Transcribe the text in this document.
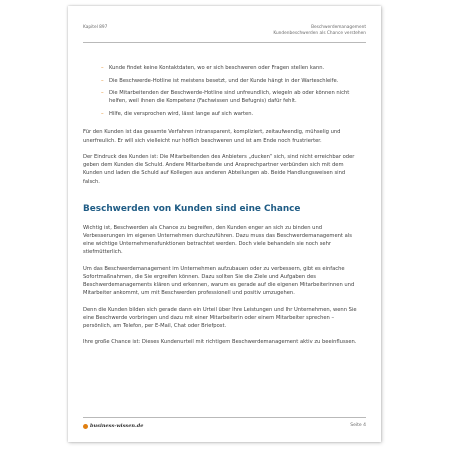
Kapitel 897	Beschwerdemanagement
Kundenbeschwerden als Chance verstehen
– Kunde findet keine Kontaktdaten, wo er sich beschweren oder Fragen stellen kann.
– Die Beschwerde-Hotline ist meistens besetzt, und der Kunde hängt in der Warteschleife.
– Die Mitarbeitenden der Beschwerde-Hotline sind unfreundlich, wiegeln ab oder können nicht helfen, weil ihnen die Kompetenz (Fachwissen und Befugnis) dafür fehlt.
– Hilfe, die versprochen wird, lässt lange auf sich warten.

Für den Kunden ist das gesamte Verfahren intransparent, kompliziert, zeitaufwendig, mühselig und unerfreulich. Er will sich vielleicht nur höflich beschweren und ist am Ende noch frustrierter.

Der Eindruck des Kunden ist: Die Mitarbeitenden des Anbieters „ducken“ sich, sind nicht erreichbar oder geben dem Kunden die Schuld. Andere Mitarbeitende und Ansprechpartner verbünden sich mit dem Kunden und laden die Schuld auf Kollegen aus anderen Abteilungen ab. Beide Handlungsweisen sind falsch.

Beschwerden von Kunden sind eine Chance

Wichtig ist, Beschwerden als Chance zu begreifen, den Kunden enger an sich zu binden und Verbesserungen im eigenen Unternehmen durchzuführen. Dazu muss das Beschwerdemanagement als eine wichtige Unternehmensfunktionen betrachtet werden. Doch viele behandeln sie noch sehr stiefmütterlich.

Um das Beschwerdemanagement im Unternehmen aufzubauen oder zu verbessern, gibt es einfache Sofortmaßnahmen, die Sie ergreifen können. Dazu sollten Sie die Ziele und Aufgaben des Beschwerdemanagements klären und erkennen, warum es gerade auf die eigenen Mitarbeiterinnen und Mitarbeiter ankommt, um mit Beschwerden professionell und positiv umzugehen.

Denn die Kunden bilden sich gerade dann ein Urteil über Ihre Leistungen und Ihr Unternehmen, wenn Sie eine Beschwerde vorbringen und dazu mit einer Mitarbeiterin oder einem Mitarbeiter sprechen – persönlich, am Telefon, per E-Mail, Chat oder Briefpost.

Ihre große Chance ist: Dieses Kundenurteil mit richtigem Beschwerdemanagement aktiv zu beeinflussen.

business-wissen.de	Seite 4
